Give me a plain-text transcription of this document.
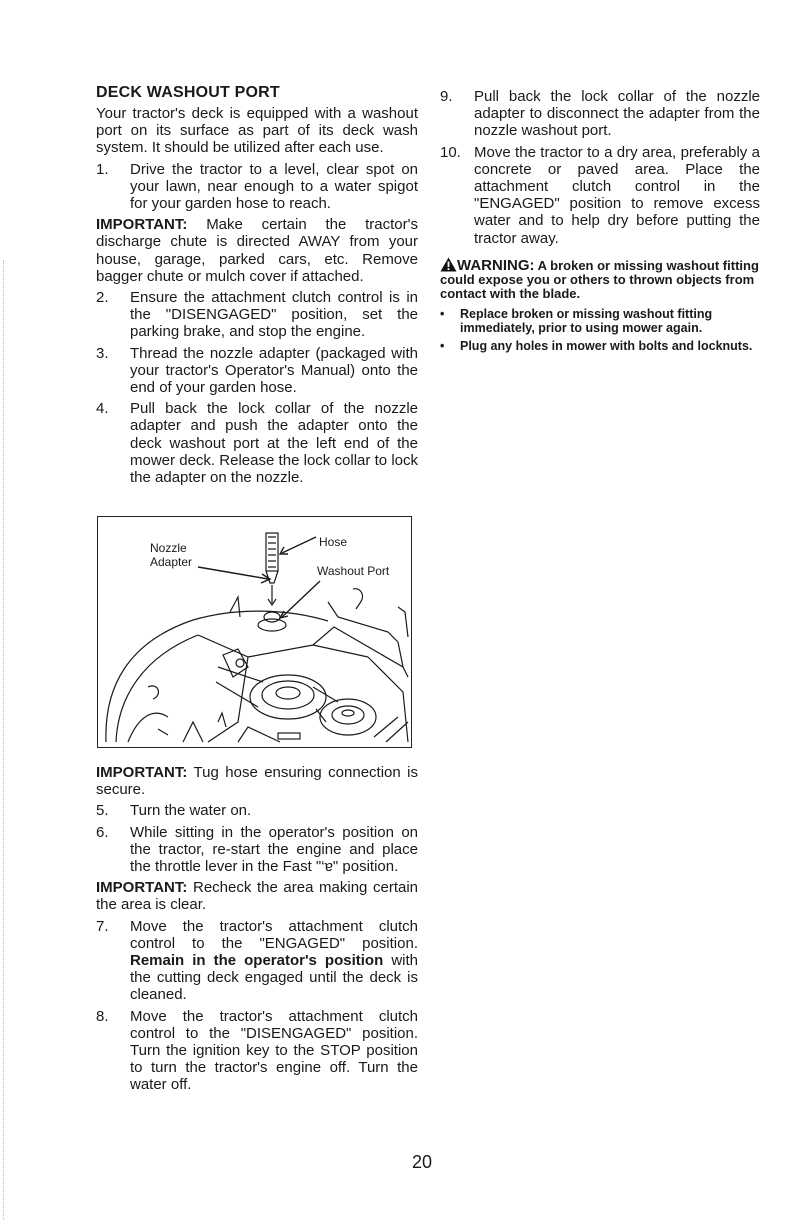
DECK WASHOUT PORT

Your tractor's deck is equipped with a washout port on its surface as part of its deck wash system. It should be utilized after each use.

1.	Drive the tractor to a level, clear spot on your lawn, near enough to a water spigot for your garden hose to reach.

IMPORTANT: Make certain the tractor's discharge chute is directed AWAY from your house, garage, parked cars, etc. Remove bagger chute or mulch cover if attached.

2.	Ensure the attachment clutch control is in the "DISENGAGED" position, set the parking brake, and stop the engine.
3.	Thread the nozzle adapter (packaged with your tractor's Operator's Manual) onto the end of your garden hose.
4.	Pull back the lock collar of the nozzle adapter and push the adapter onto the deck washout port at the left end of the mower deck. Release the lock collar to lock the adapter on the nozzle.
Nozzle
Adapter
Hose
Washout Port

IMPORTANT: Tug hose ensuring connection is secure.

5.	Turn the water on.
6.	While sitting in the operator's position on the tractor, re-start the engine and place the throttle lever in the Fast "‘ɐ" position.

IMPORTANT: Recheck the area making certain the area is clear.

7.	Move the tractor's attachment clutch control to the "ENGAGED" position. Remain in the operator's position with the cutting deck engaged until the deck is cleaned.
8.	Move the tractor's attachment clutch control to the "DISENGAGED" position. Turn the ignition key to the STOP position to turn the tractor's engine off. Turn the water off.
9.	Pull back the lock collar of the nozzle adapter to disconnect the adapter from the nozzle washout port.
10. Move the tractor to a dry area, preferably a concrete or paved area. Place the attachment clutch control in the "ENGAGED" position to remove excess water and to help dry before putting the tractor away.

WARNING: A broken or missing washout fitting could expose you or others to thrown objects from contact with the blade.

•	Replace broken or missing washout fitting immediately, prior to using mower again.
•	Plug any holes in mower with bolts and locknuts.
20
